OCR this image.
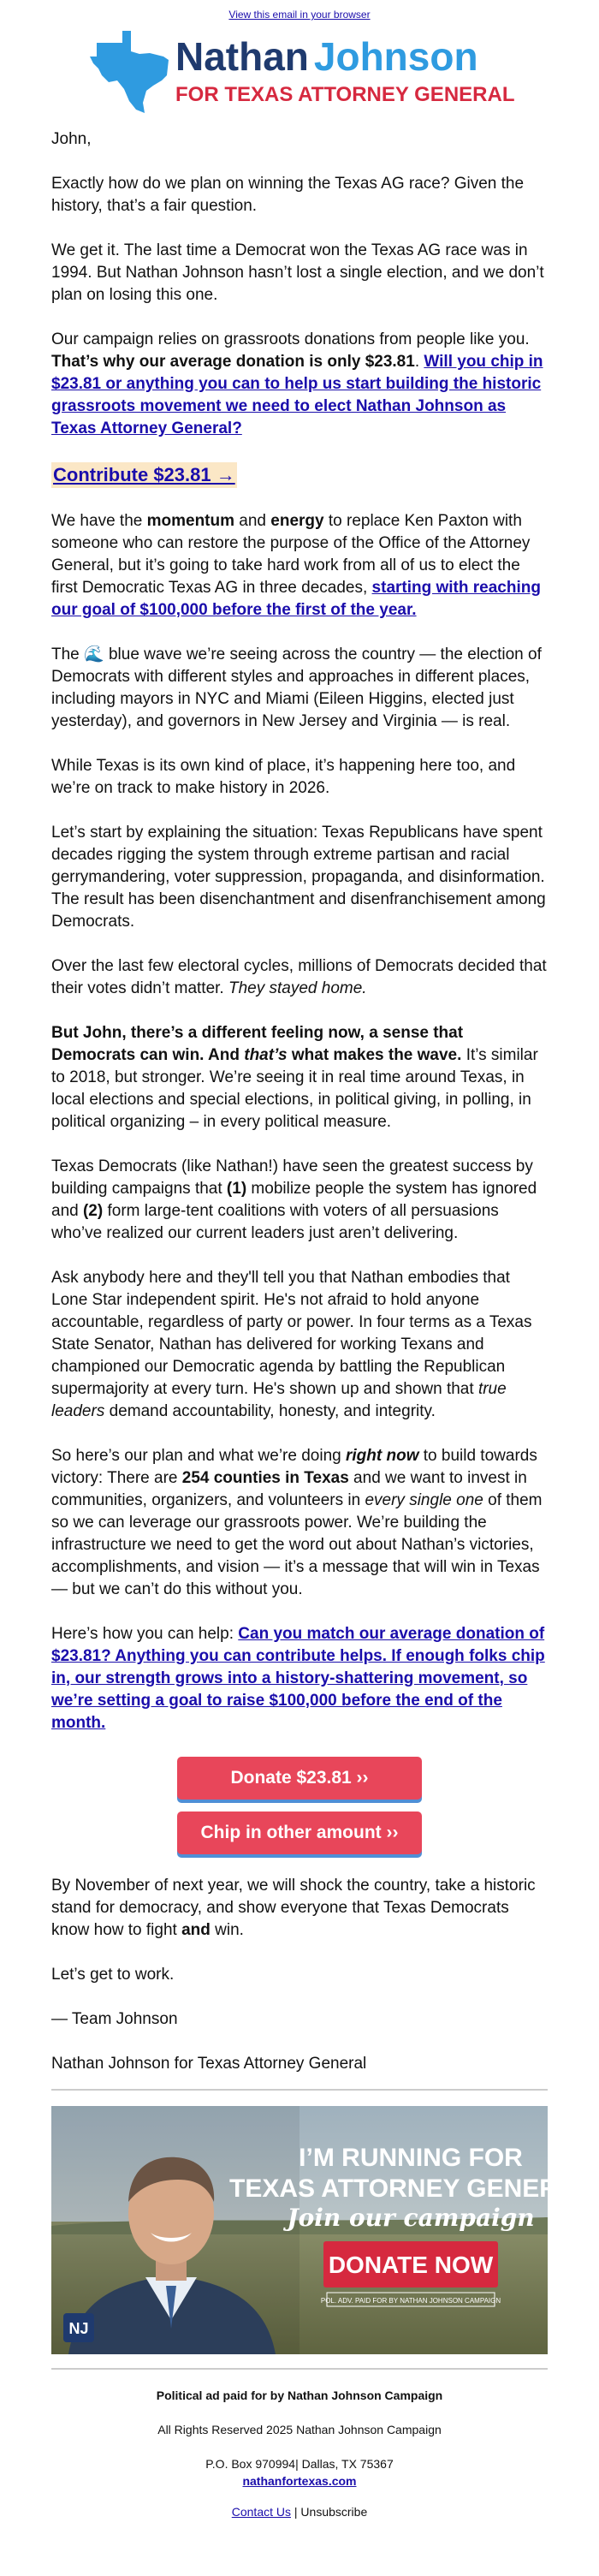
View this email in your browser
Nathan Johnson
FOR TEXAS ATTORNEY GENERAL

John,

Exactly how do we plan on winning the Texas AG race? Given the history, that’s a fair question.

We get it. The last time a Democrat won the Texas AG race was in 1994. But Nathan Johnson hasn’t lost a single election, and we don’t plan on losing this one.

Our campaign relies on grassroots donations from people like you. That’s why our average donation is only $23.81. Will you chip in $23.81 or anything you can to help us start building the historic grassroots movement we need to elect Nathan Johnson as Texas Attorney General?

Contribute $23.81 →

We have the momentum and energy to replace Ken Paxton with someone who can restore the purpose of the Office of the Attorney General, but it’s going to take hard work from all of us to elect the first Democratic Texas AG in three decades, starting with reaching our goal of $100,000 before the first of the year.

The 🌊 blue wave we’re seeing across the country — the election of Democrats with different styles and approaches in different places, including mayors in NYC and Miami (Eileen Higgins, elected just yesterday), and governors in New Jersey and Virginia — is real.

While Texas is its own kind of place, it’s happening here too, and we’re on track to make history in 2026.

Let’s start by explaining the situation: Texas Republicans have spent decades rigging the system through extreme partisan and racial gerrymandering, voter suppression, propaganda, and disinformation. The result has been disenchantment and disenfranchisement among Democrats.

Over the last few electoral cycles, millions of Democrats decided that their votes didn’t matter. They stayed home.

But John, there’s a different feeling now, a sense that Democrats can win. And that’s what makes the wave. It’s similar to 2018, but stronger. We’re seeing it in real time around Texas, in local elections and special elections, in political giving, in polling, in political organizing – in every political measure.

Texas Democrats (like Nathan!) have seen the greatest success by building campaigns that (1) mobilize people the system has ignored and (2) form large-tent coalitions with voters of all persuasions who’ve realized our current leaders just aren’t delivering.

Ask anybody here and they'll tell you that Nathan embodies that Lone Star independent spirit. He's not afraid to hold anyone accountable, regardless of party or power. In four terms as a Texas State Senator, Nathan has delivered for working Texans and championed our Democratic agenda by battling the Republican supermajority at every turn. He's shown up and shown that true leaders demand accountability, honesty, and integrity.

So here’s our plan and what we’re doing right now to build towards victory: There are 254 counties in Texas and we want to invest in communities, organizers, and volunteers in every single one of them so we can leverage our grassroots power. We’re building the infrastructure we need to get the word out about Nathan’s victories, accomplishments, and vision — it’s a message that will win in Texas — but we can’t do this without you.

Here’s how you can help: Can you match our average donation of $23.81? Anything you can contribute helps. If enough folks chip in, our strength grows into a history-shattering movement, so we’re setting a goal to raise $100,000 before the end of the month.

Donate $23.81 ››
Chip in other amount ››

By November of next year, we will shock the country, take a historic stand for democracy, and show everyone that Texas Democrats know how to fight and win.

Let’s get to work.

— Team Johnson

Nathan Johnson for Texas Attorney General

I’M RUNNING FOR
TEXAS ATTORNEY GENERAL
Join our campaign
DONATE NOW
POL. ADV. PAID FOR BY NATHAN JOHNSON CAMPAIGN
NJ

Political ad paid for by Nathan Johnson Campaign

All Rights Reserved 2025 Nathan Johnson Campaign

P.O. Box 970994| Dallas, TX 75367
nathanfortexas.com

Contact Us | Unsubscribe
